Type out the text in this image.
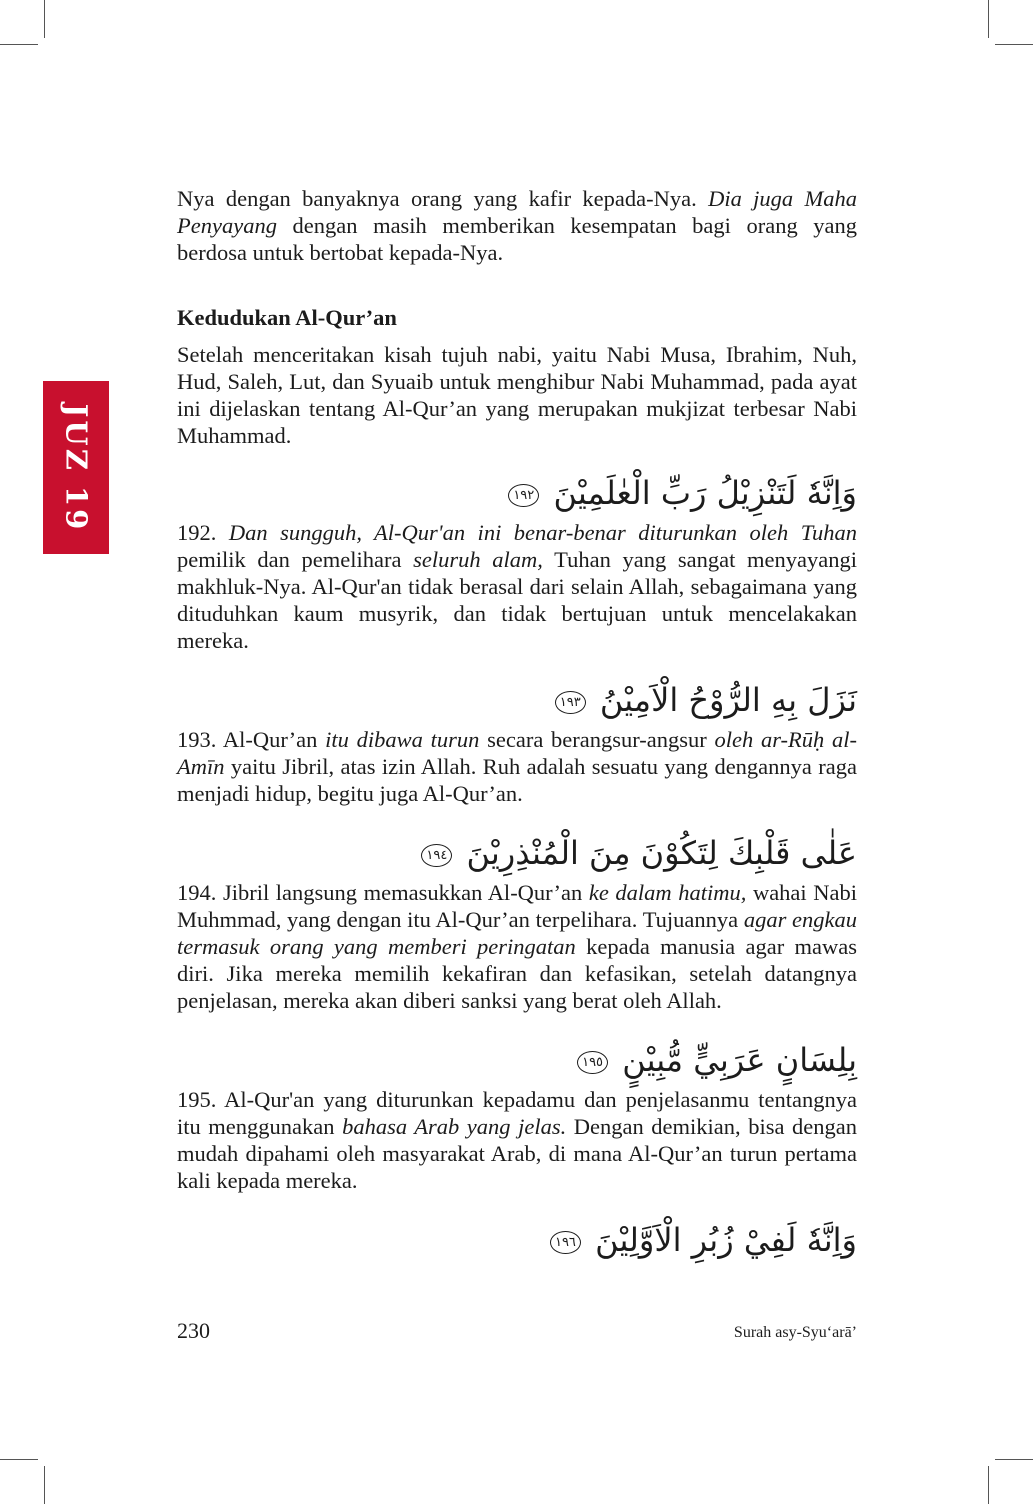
JUZ 19

Nya dengan banyaknya orang yang kafir kepada-Nya. Dia juga Maha Penyayang dengan masih memberikan kesempatan bagi orang yang berdosa untuk bertobat kepada-Nya.

Kedudukan Al-Qur’an

Setelah menceritakan kisah tujuh nabi, yaitu Nabi Musa, Ibrahim, Nuh, Hud, Saleh, Lut, dan Syuaib untuk menghibur Nabi Muhammad, pada ayat ini dijelaskan tentang Al-Qur’an yang merupakan mukjizat terbesar Nabi Muhammad.

وَاِنَّهٗ لَتَنْزِيْلُ رَبِّ الْعٰلَمِيْنَ ١٩٢

192. Dan sungguh, Al-Qur'an ini benar-benar diturunkan oleh Tuhan pemilik dan pemelihara seluruh alam, Tuhan yang sangat menyayangi makhluk-Nya. Al-Qur'an tidak berasal dari selain Allah, sebagaimana yang dituduhkan kaum musyrik, dan tidak bertujuan untuk mencelakakan mereka.

نَزَلَ بِهِ الرُّوْحُ الْاَمِيْنُ ١٩٣

193. Al-Qur’an itu dibawa turun secara berangsur-angsur oleh ar-Rūḥ al-Amīn yaitu Jibril, atas izin Allah. Ruh adalah sesuatu yang dengannya raga menjadi hidup, begitu juga Al-Qur’an.

عَلٰى قَلْبِكَ لِتَكُوْنَ مِنَ الْمُنْذِرِيْنَ ١٩٤

194. Jibril langsung memasukkan Al-Qur’an ke dalam hatimu, wahai Nabi Muhmmad, yang dengan itu Al-Qur’an terpelihara. Tujuannya agar engkau termasuk orang yang memberi peringatan kepada manusia agar mawas diri. Jika mereka memilih kekafiran dan kefasikan, setelah datangnya penjelasan, mereka akan diberi sanksi yang berat oleh Allah.

بِلِسَانٍ عَرَبِيٍّ مُّبِيْنٍ ١٩٥

195. Al-Qur'an yang diturunkan kepadamu dan penjelasanmu tentangnya itu menggunakan bahasa Arab yang jelas. Dengan demikian, bisa dengan mudah dipahami oleh masyarakat Arab, di mana Al-Qur’an turun pertama kali kepada mereka.

وَاِنَّهٗ لَفِيْ زُبُرِ الْاَوَّلِيْنَ ١٩٦
230	Surah asy-Syu‘arā’
